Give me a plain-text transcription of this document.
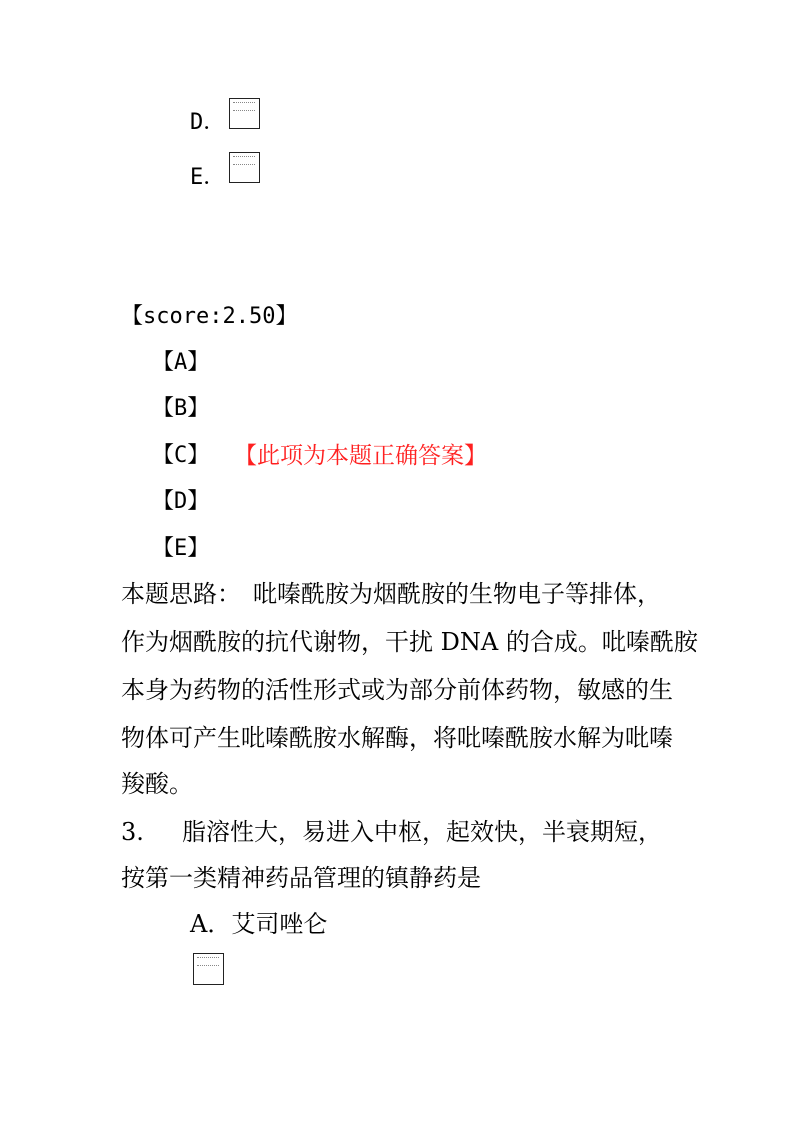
D．
E．
【score:2.50】
【A】
【B】
【C】 【此项为本题正确答案】
【D】
【E】
本题思路：　吡嗪酰胺为烟酰胺的生物电子等排体，
作为烟酰胺的抗代谢物，干扰 DNA 的合成。吡嗪酰胺
本身为药物的活性形式或为部分前体药物，敏感的生
物体可产生吡嗪酰胺水解酶，将吡嗪酰胺水解为吡嗪
羧酸。
3. 脂溶性大，易进入中枢，起效快，半衰期短，
按第一类精神药品管理的镇静药是
A．艾司唑仑
